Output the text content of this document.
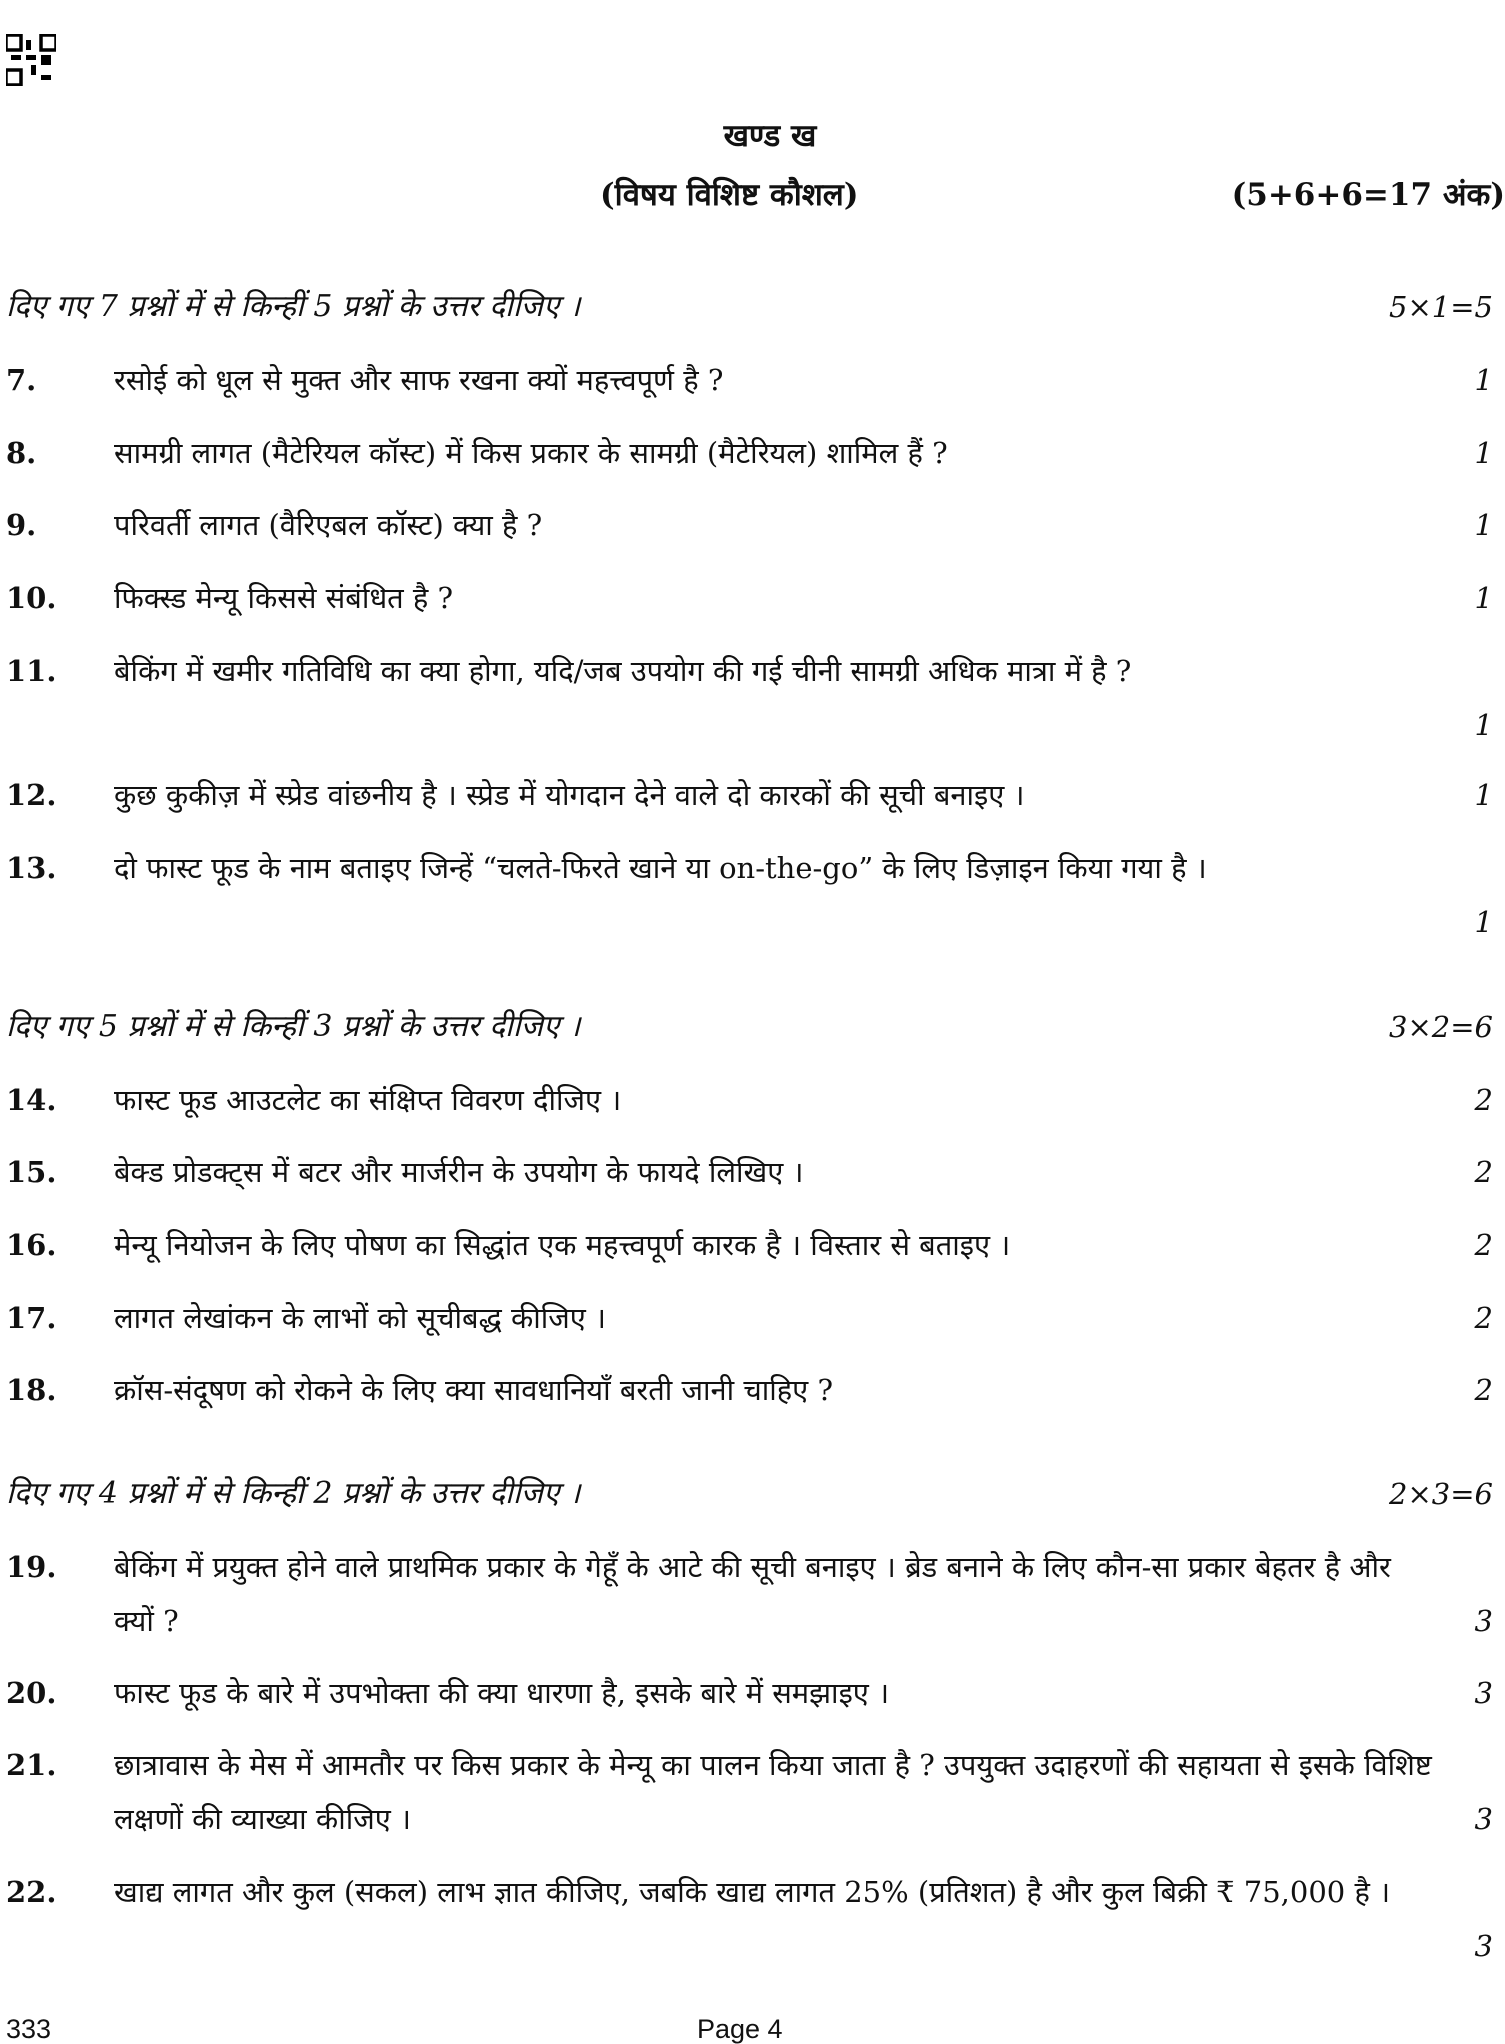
खण्ड ख
(विषय विशिष्ट कौशल)	(5+6+6=17 अंक)
दिए गए 7 प्रश्नों में से किन्हीं 5 प्रश्नों के उत्तर दीजिए ।	5×1=5
7.	रसोई को धूल से मुक्त और साफ रखना क्यों महत्त्वपूर्ण है ?	1
8.	सामग्री लागत (मैटेरियल कॉस्ट) में किस प्रकार के सामग्री (मैटेरियल) शामिल हैं ?	1
9.	परिवर्ती लागत (वैरिएबल कॉस्ट) क्या है ?	1
10. फिक्स्ड मेन्यू किससे संबंधित है ?	1
11. बेकिंग में खमीर गतिविधि का क्या होगा, यदि/जब उपयोग की गई चीनी सामग्री अधिक मात्रा में है ?
1
12. कुछ कुकीज़ में स्प्रेड वांछनीय है । स्प्रेड में योगदान देने वाले दो कारकों की सूची बनाइए ।	1
13. दो फास्ट फूड के नाम बताइए जिन्हें “चलते-फिरते खाने या on-the-go” के लिए डिज़ाइन किया गया है ।
1
दिए गए 5 प्रश्नों में से किन्हीं 3 प्रश्नों के उत्तर दीजिए ।	3×2=6
14. फास्ट फूड आउटलेट का संक्षिप्त विवरण दीजिए ।	2
15. बेक्ड प्रोडक्ट्स में बटर और मार्जरीन के उपयोग के फायदे लिखिए ।	2
16. मेन्यू नियोजन के लिए पोषण का सिद्धांत एक महत्त्वपूर्ण कारक है । विस्तार से बताइए ।	2
17. लागत लेखांकन के लाभों को सूचीबद्ध कीजिए ।	2
18. क्रॉस-संदूषण को रोकने के लिए क्या सावधानियाँ बरती जानी चाहिए ?	2
दिए गए 4 प्रश्नों में से किन्हीं 2 प्रश्नों के उत्तर दीजिए ।	2×3=6
19. बेकिंग में प्रयुक्त होने वाले प्राथमिक प्रकार के गेहूँ के आटे की सूची बनाइए । ब्रेड बनाने के लिए कौन-सा प्रकार बेहतर है और क्यों ?	3
20. फास्ट फूड के बारे में उपभोक्ता की क्या धारणा है, इसके बारे में समझाइए ।	3
21. छात्रावास के मेस में आमतौर पर किस प्रकार के मेन्यू का पालन किया जाता है ? उपयुक्त उदाहरणों की सहायता से इसके विशिष्ट लक्षणों की व्याख्या कीजिए ।	3
22. खाद्य लागत और कुल (सकल) लाभ ज्ञात कीजिए, जबकि खाद्य लागत 25% (प्रतिशत) है और कुल बिक्री ₹ 75,000 है ।
3
333	Page 4
